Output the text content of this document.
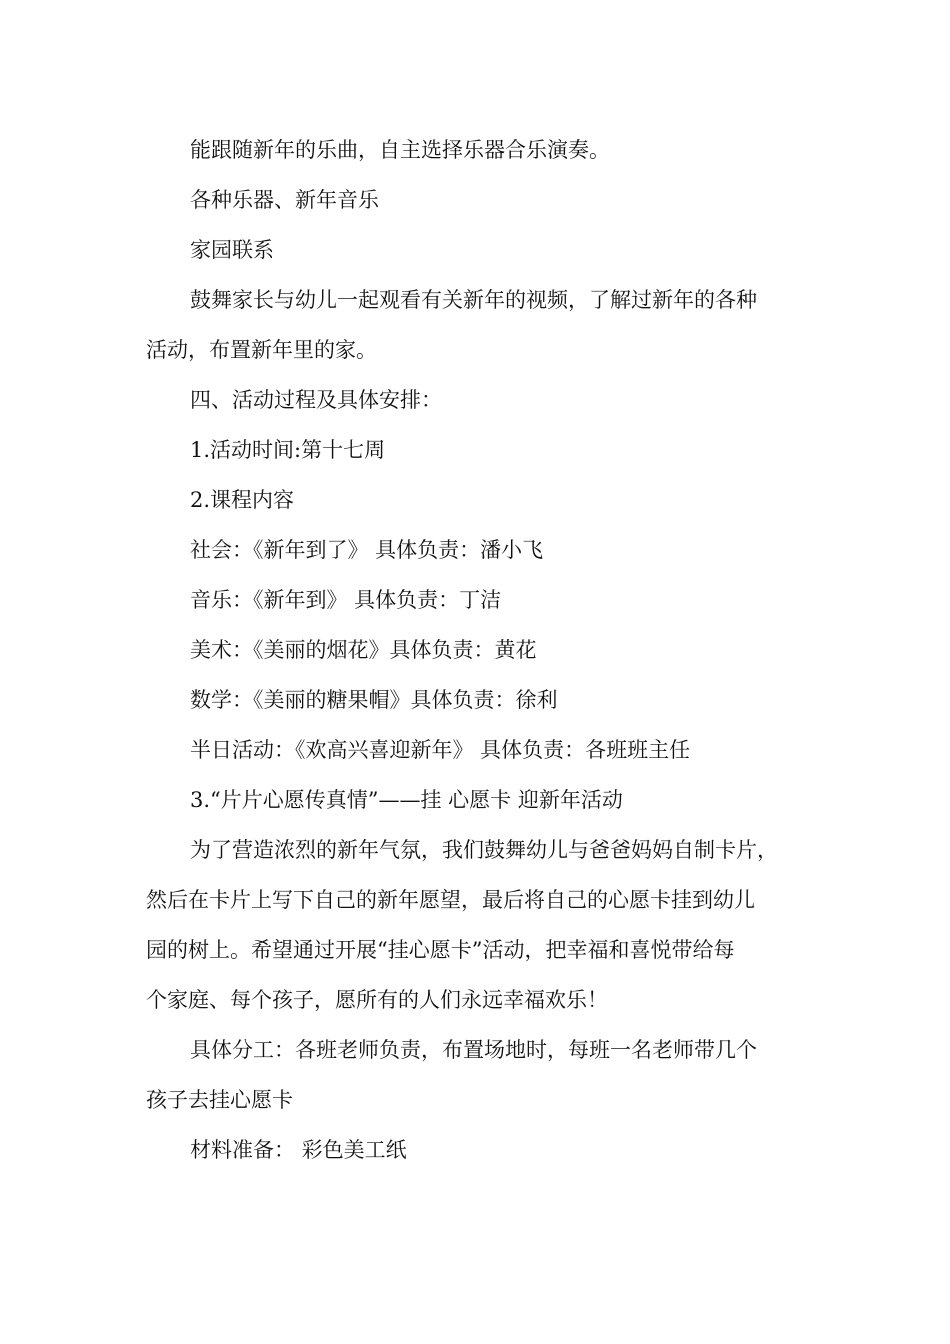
能跟随新年的乐曲，自主选择乐器合乐演奏。
各种乐器、新年音乐
家园联系
鼓舞家长与幼儿一起观看有关新年的视频，了解过新年的各种
活动，布置新年里的家。
四、活动过程及具体安排：
1.活动时间:第十七周
2.课程内容
社会：《新年到了》 具体负责：潘小飞
音乐：《新年到》 具体负责：丁洁
美术：《美丽的烟花》具体负责：黄花
数学：《美丽的糖果帽》具体负责：徐利
半日活动：《欢高兴喜迎新年》 具体负责：各班班主任
3.“片片心愿传真情”——挂 心愿卡 迎新年活动
为了营造浓烈的新年气氛，我们鼓舞幼儿与爸爸妈妈自制卡片，
然后在卡片上写下自己的新年愿望，最后将自己的心愿卡挂到幼儿
园的树上。希望通过开展“挂心愿卡”活动，把幸福和喜悦带给每
个家庭、每个孩子，愿所有的人们永远幸福欢乐！
具体分工：各班老师负责，布置场地时，每班一名老师带几个
孩子去挂心愿卡
材料准备： 彩色美工纸
